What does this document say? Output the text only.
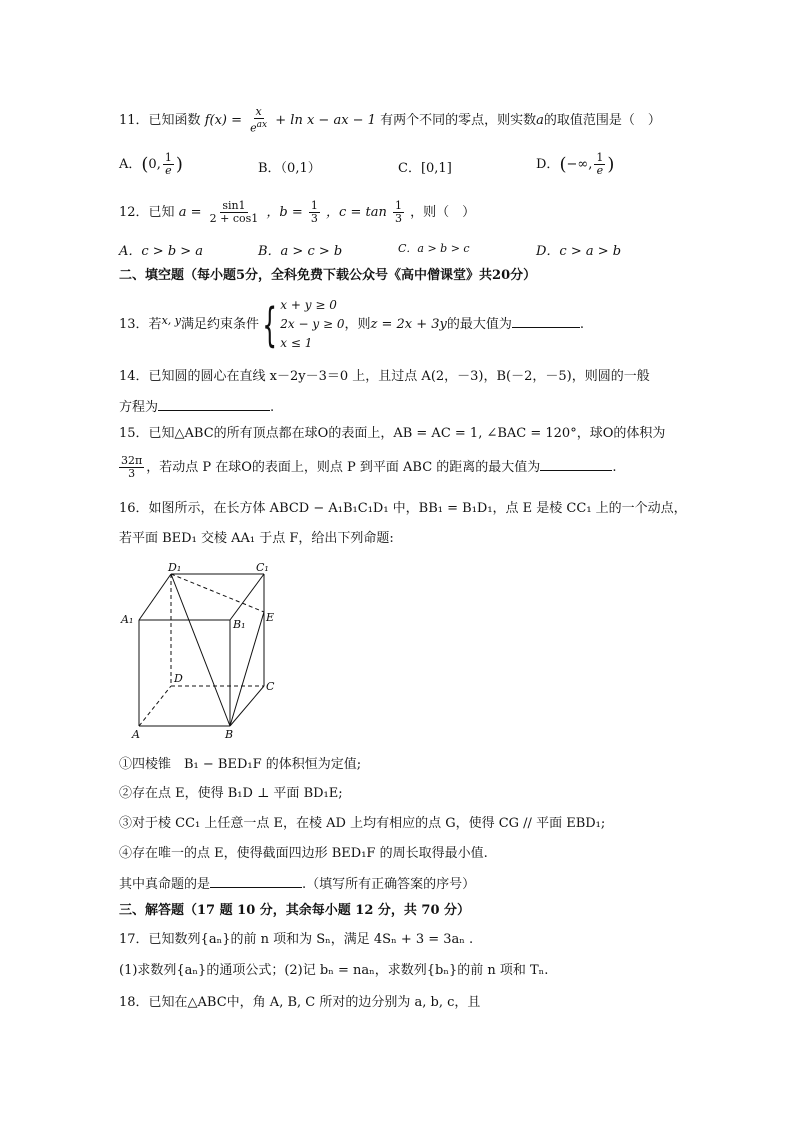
11．已知函数 $f(x) = \frac{x}{e^{ax}} + \ln x$ − ax − 1 有两个不同的零点，则实数a的取值范围是（　）
A．(0, $\frac{1}{e}$ )	B．（0,1）	C．[0,1]	D．(−∞, $\frac{1}{e}$ )
12．已知 $a = \frac{\sin 1}{2 + \cos 1}$ ，$b = \frac{1}{3}$ ，$c = \tan \frac{1}{3}$ ，则（　）
A．c > b > a	B．a > c > b	C．a > b > c	D．c > a > b
二、填空题（每小题5分，全科免费下载公众号《高中僧课堂》共20分）
13．若$^{x, y}$满足约束条件 { x + y ≥ 0
2x − y ≥ 0
x ≤ 1
，则z = 2x + 3y的最大值为	.
14．已知圆的圆心在直线 x－2y－3＝0 上，且过点 A(2，－3)，B(－2，－5)，则圆的一般
方程为	.
15．已知△ABC的所有顶点都在球O的表面上，AB = AC = 1, ∠BAC = 120°，球O的体积为
$\frac{32\pi}{3}$ ，若动点 P 在球O的表面上，则点 P 到平面 ABC 的距离的最大值为	.
16．如图所示，在长方体 ABCD − A₁B₁C₁D₁ 中，BB₁ = B₁D₁，点 E 是棱 CC₁ 上的一个动点，
若平面 BED₁ 交棱 AA₁ 于点 F，给出下列命题:
D₁	C₁
A₁	B₁
E
D
C
A	B
①四棱锥　B₁ − BED₁F 的体积恒为定值;
②存在点 E，使得 B₁D ⊥ 平面 BD₁E;
③对于棱 CC₁ 上任意一点 E，在棱 AD 上均有相应的点 G，使得 CG // 平面 EBD₁;
④存在唯一的点 E，使得截面四边形 BED₁F 的周长取得最小值.
其中真命题的是	.（填写所有正确答案的序号）
三、解答题（17 题 10 分，其余每小题 12 分，共 70 分）
17．已知数列{aₙ}的前 n 项和为 Sₙ，满足 4Sₙ + 3 = 3aₙ .
(1)求数列{aₙ}的通项公式；(2)记 bₙ = naₙ，求数列{bₙ}的前 n 项和 Tₙ.
18．已知在△ABC中，角 A, B, C 所对的边分别为 a, b, c，且
